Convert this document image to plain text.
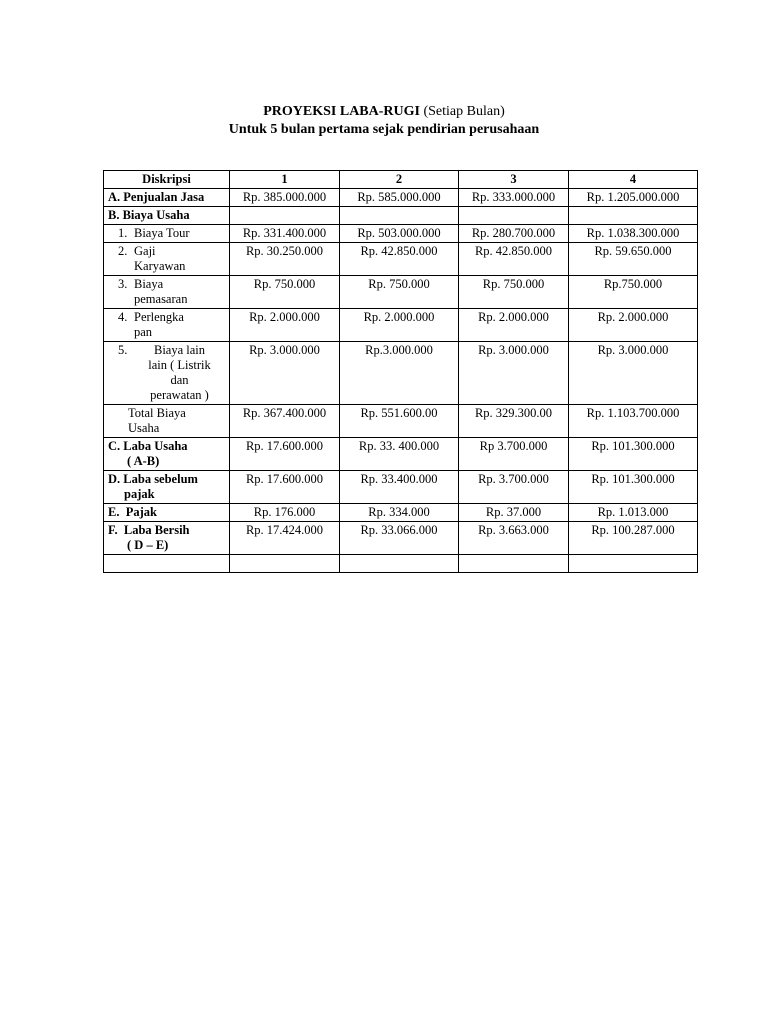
PROYEKSI LABA-RUGI (Setiap Bulan)
Untuk 5 bulan pertama sejak pendirian perusahaan
Diskripsi	1	2	3	4
A. Penjualan Jasa	Rp. 385.000.000	Rp. 585.000.000	Rp. 333.000.000	Rp. 1.205.000.000
B. Biaya Usaha				

1. Biaya Tour	Rp. 331.400.000	Rp. 503.000.000	Rp. 280.700.000	Rp. 1.038.300.000

2. Gaji
Karyawan	Rp. 30.250.000	Rp. 42.850.000	Rp. 42.850.000	Rp. 59.650.000

3. Biaya
pemasaran	Rp. 750.000	Rp. 750.000	Rp. 750.000	Rp.750.000

4. Perlengka
pan	Rp. 2.000.000	Rp. 2.000.000	Rp. 2.000.000	Rp. 2.000.000

5. Biaya lain
lain ( Listrik
dan
perawatan )	Rp. 3.000.000	Rp.3.000.000	Rp. 3.000.000	Rp. 3.000.000

Total Biaya
Usaha	Rp. 367.400.000	Rp. 551.600.00	Rp. 329.300.00	Rp. 1.103.700.000

C. Laba Usaha
( A-B)	Rp. 17.600.000	Rp. 33. 400.000	Rp 3.700.000	Rp. 101.300.000

D. Laba sebelum
pajak	Rp. 17.600.000	Rp. 33.400.000	Rp. 3.700.000	Rp. 101.300.000
E.  Pajak	Rp. 176.000	Rp. 334.000	Rp. 37.000	Rp. 1.013.000

F.  Laba Bersih
( D – E)	Rp. 17.424.000	Rp. 33.066.000	Rp. 3.663.000	Rp. 100.287.000
